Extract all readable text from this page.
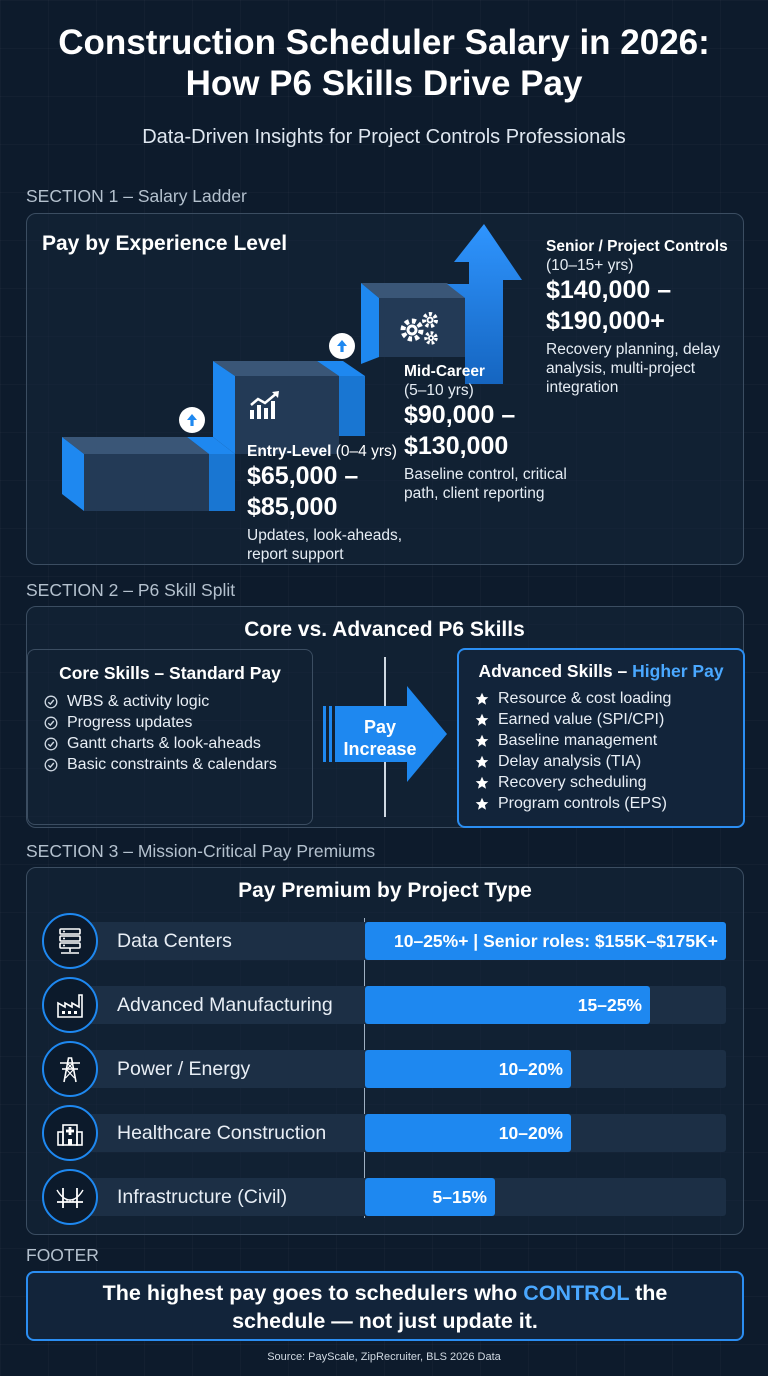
Construction Scheduler Salary in 2026:
How P6 Skills Drive Pay
Data-Driven Insights for Project Controls Professionals
SECTION 1 – Salary Ladder
Pay by Experience Level
Entry-Level (0–4 yrs)
$65,000 –
$85,000
Updates, look-aheads,
report support
Mid-Career
(5–10 yrs)
$90,000 –
$130,000
Baseline control, critical
path, client reporting
Senior / Project Controls
(10–15+ yrs)
$140,000 –
$190,000+
Recovery planning, delay
analysis, multi-project
integration
SECTION 2 – P6 Skill Split
Core vs. Advanced P6 Skills
Core Skills – Standard Pay
WBS & activity logic
Progress updates
Gantt charts & look-aheads
Basic constraints & calendars
Pay
Increase
Advanced Skills – Higher Pay
Resource & cost loading
Earned value (SPI/CPI)
Baseline management
Delay analysis (TIA)
Recovery scheduling
Program controls (EPS)
SECTION 3 – Mission-Critical Pay Premiums
Pay Premium by Project Type
10–25%+ | Senior roles: $155K–$175K+
Data Centers
15–25%
Advanced Manufacturing
10–20%
Power / Energy
10–20%
Healthcare Construction
5–15%
Infrastructure (Civil)
FOOTER
The highest pay goes to schedulers who CONTROL the
schedule — not just update it.
Source: PayScale, ZipRecruiter, BLS 2026 Data
